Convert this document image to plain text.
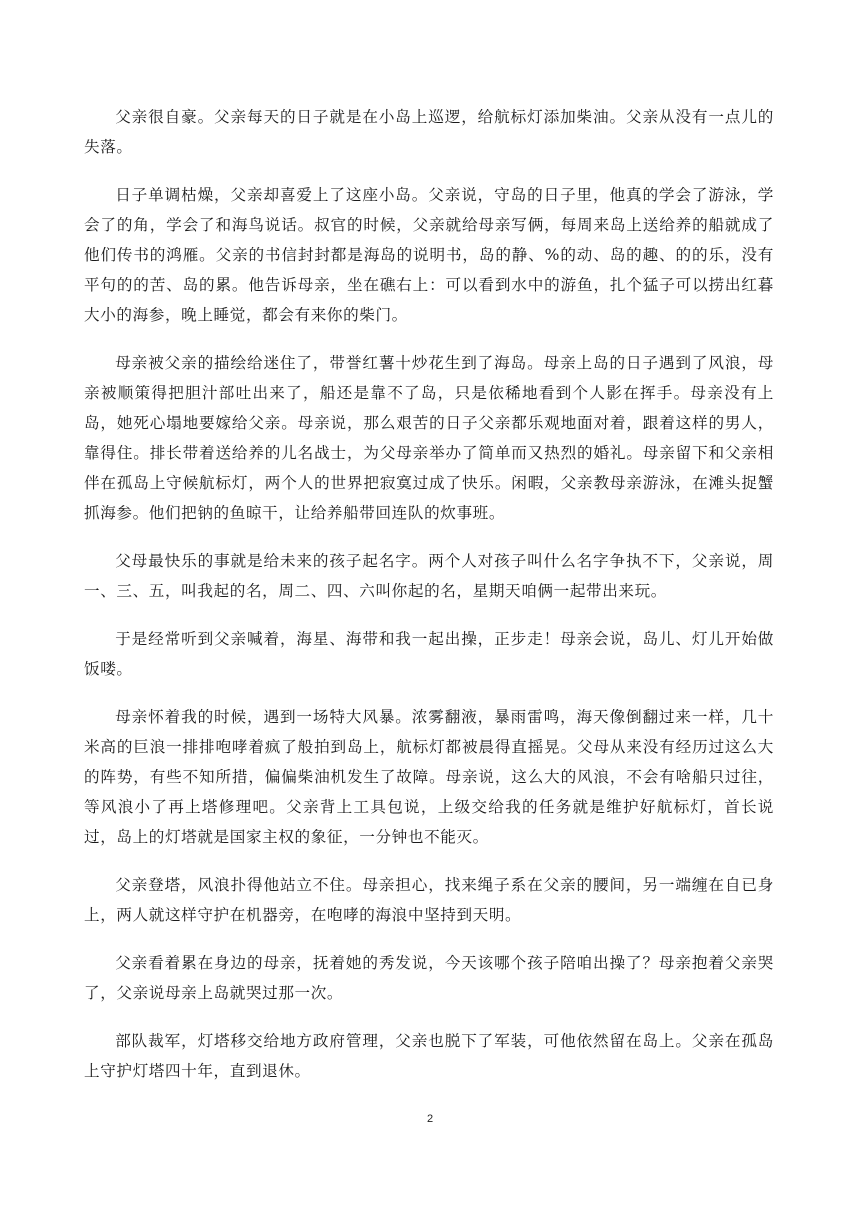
父亲很自豪。父亲每天的日子就是在小岛上巡逻，给航标灯添加柴油。父亲从没有一点儿的失落。

日子单调枯燥，父亲却喜爱上了这座小岛。父亲说，守岛的日子里，他真的学会了游泳，学会了的角，学会了和海鸟说话。叔官的时候，父亲就给母亲写俩，每周来岛上送给养的船就成了他们传书的鸿雁。父亲的书信封封都是海岛的说明书，岛的静、%的动、岛的趣、的的乐，没有平句的的苦、岛的累。他告诉母亲，坐在礁右上：可以看到水中的游鱼，扎个猛子可以捞出红暮大小的海参，晚上睡觉，都会有来你的柴门。

母亲被父亲的描绘给迷住了，带誉红薯十炒花生到了海岛。母亲上岛的日子遇到了风浪，母亲被顺策得把胆汁部吐出来了，船还是靠不了岛，只是依稀地看到个人影在挥手。母亲没有上岛，她死心塌地要嫁给父亲。母亲说，那么艰苦的日子父亲都乐观地面对着，跟着这样的男人，靠得住。排长带着送给养的儿名战士，为父母亲举办了简单而又热烈的婚礼。母亲留下和父亲相伴在孤岛上守候航标灯，两个人的世界把寂寞过成了快乐。闲暇，父亲教母亲游泳，在滩头捉蟹抓海参。他们把钠的鱼晾干，让给养船带回连队的炊事班。

父母最快乐的事就是给未来的孩子起名字。两个人对孩子叫什么名字争执不下，父亲说，周一、三、五，叫我起的名，周二、四、六叫你起的名，星期天咱俩一起带出来玩。

于是经常听到父亲喊着，海星、海带和我一起出操，正步走！母亲会说，岛儿、灯儿开始做饭喽。

母亲怀着我的时候，遇到一场特大风暴。浓雾翻液，暴雨雷鸣，海天像倒翻过来一样，几十米高的巨浪一排排咆哮着疯了般拍到岛上，航标灯都被晨得直摇晃。父母从来没有经历过这么大的阵势，有些不知所措，偏偏柴油机发生了故障。母亲说，这么大的风浪，不会有啥船只过往，等风浪小了再上塔修理吧。父亲背上工具包说，上级交给我的任务就是维护好航标灯，首长说过，岛上的灯塔就是国家主权的象征，一分钟也不能灭。

父亲登塔，风浪扑得他站立不住。母亲担心，找来绳子系在父亲的腰间，另一端缠在自已身上，两人就这样守护在机器旁，在咆哮的海浪中坚持到天明。

父亲看着累在身边的母亲，抚着她的秀发说，今天该哪个孩子陪咱出操了？母亲抱着父亲哭了，父亲说母亲上岛就哭过那一次。

部队裁军，灯塔移交给地方政府管理，父亲也脱下了军装，可他依然留在岛上。父亲在孤岛上守护灯塔四十年，直到退休。

2
